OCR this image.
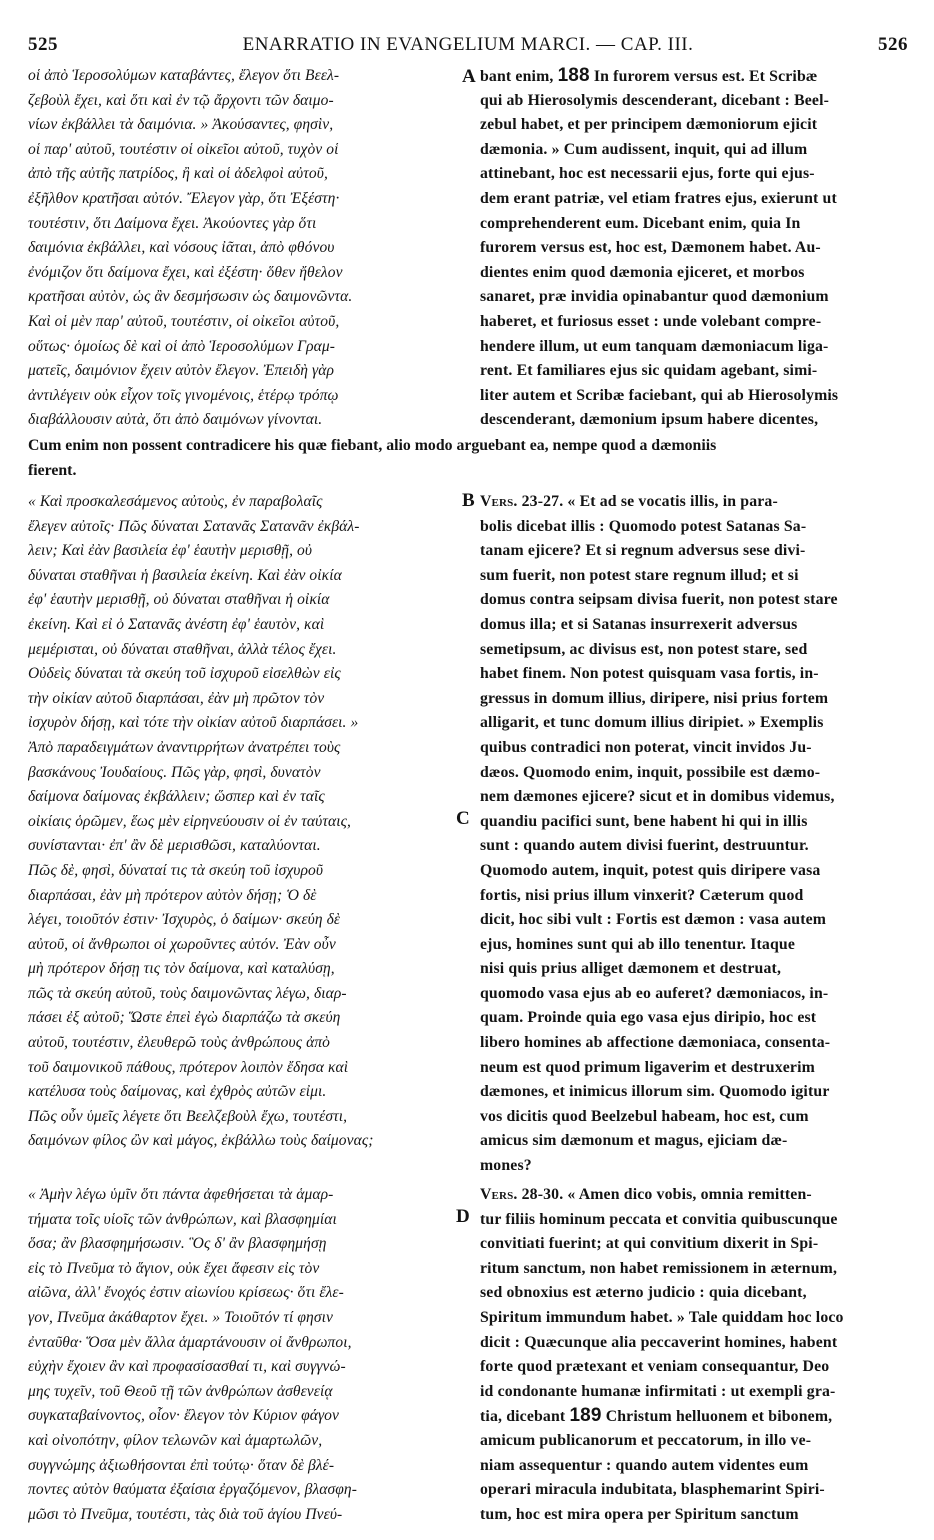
525	ENARRATIO IN EVANGELIUM MARCI. — CAP. III.	526
οἱ ἀπὸ Ἱεροσολύμων καταβάντες, ἔλεγον ὅτι Βεελ-
ζεβοὺλ ἔχει, καὶ ὅτι καὶ ἐν τῷ ἄρχοντι τῶν δαιμο-
νίων ἐκβάλλει τὰ δαιμόνια. » Ἀκούσαντες, φησὶν,
οἱ παρ' αὐτοῦ, τουτέστιν οἱ οἰκεῖοι αὐτοῦ, τυχὸν οἱ
ἀπὸ τῆς αὐτῆς πατρίδος, ἢ καὶ οἱ ἀδελφοὶ αὐτοῦ,
ἐξῆλθον κρατῆσαι αὐτόν. Ἔλεγον γὰρ, ὅτι Ἐξέστη·
τουτέστιν, ὅτι Δαίμονα ἔχει. Ἀκούοντες γὰρ ὅτι
δαιμόνια ἐκβάλλει, καὶ νόσους ἰᾶται, ἀπὸ φθόνου
ἐνόμιζον ὅτι δαίμονα ἔχει, καὶ ἐξέστη· ὅθεν ἤθελον
κρατῆσαι αὐτὸν, ὡς ἂν δεσμήσωσιν ὡς δαιμονῶντα.
Καὶ οἱ μὲν παρ' αὐτοῦ, τουτέστιν, οἱ οἰκεῖοι αὐτοῦ,
οὕτως· ὁμοίως δὲ καὶ οἱ ἀπὸ Ἱεροσολύμων Γραμ-
ματεῖς, δαιμόνιον ἔχειν αὐτὸν ἔλεγον. Ἐπειδὴ γὰρ
ἀντιλέγειν οὐκ εἶχον τοῖς γινομένοις, ἑτέρῳ τρόπῳ
διαβάλλουσιν αὐτὰ, ὅτι ἀπὸ δαιμόνων γίνονται.
bant enim, 188 In furorem versus est. Et Scribæ
qui ab Hierosolymis descenderant, dicebant : Beel-
zebul habet, et per principem dæmoniorum ejicit
dæmonia. » Cum audissent, inquit, qui ad illum
attinebant, hoc est necessarii ejus, forte qui ejus-
dem erant patriæ, vel etiam fratres ejus, exierunt ut
comprehenderent eum. Dicebant enim, quia In
furorem versus est, hoc est, Dæmonem habet. Au-
dientes enim quod dæmonia ejiceret, et morbos
sanaret, præ invidia opinabantur quod dæmonium
haberet, et furiosus esset : unde volebant compre-
hendere illum, ut eum tanquam dæmoniacum liga-
rent. Et familiares ejus sic quidam agebant, simi-
liter autem et Scribæ faciebant, qui ab Hierosolymis
descenderant, dæmonium ipsum habere dicentes,
A
Cum enim non possent contradicere his quæ fiebant, alio modo arguebant ea, nempe quod a dæmoniis
fierent.
« Καὶ προσκαλεσάμενος αὐτοὺς, ἐν παραβολαῖς
ἔλεγεν αὐτοῖς· Πῶς δύναται Σατανᾶς Σατανᾶν ἐκβάλ-
λειν; Καὶ ἐὰν βασιλεία ἐφ' ἑαυτὴν μερισθῇ, οὐ
δύναται σταθῆναι ἡ βασιλεία ἐκείνη. Καὶ ἐὰν οἰκία
ἐφ' ἑαυτὴν μερισθῇ, οὐ δύναται σταθῆναι ἡ οἰκία
ἐκείνη. Καὶ εἰ ὁ Σατανᾶς ἀνέστη ἐφ' ἑαυτὸν, καὶ
μεμέρισται, οὐ δύναται σταθῆναι, ἀλλὰ τέλος ἔχει.
Οὐδεὶς δύναται τὰ σκεύη τοῦ ἰσχυροῦ εἰσελθὼν εἰς
τὴν οἰκίαν αὐτοῦ διαρπάσαι, ἐὰν μὴ πρῶτον τὸν
ἰσχυρὸν δήσῃ, καὶ τότε τὴν οἰκίαν αὐτοῦ διαρπάσει. »
Ἀπὸ παραδειγμάτων ἀναντιρρήτων ἀνατρέπει τοὺς
βασκάνους Ἰουδαίους. Πῶς γὰρ, φησὶ, δυνατὸν
δαίμονα δαίμονας ἐκβάλλειν; ὥσπερ καὶ ἐν ταῖς
οἰκίαις ὁρῶμεν, ἕως μὲν εἰρηνεύουσιν οἱ ἐν ταύταις,
συνίστανται· ἐπ' ἂν δὲ μερισθῶσι, καταλύονται.
Πῶς δὲ, φησὶ, δύναταί τις τὰ σκεύη τοῦ ἰσχυροῦ
διαρπάσαι, ἐὰν μὴ πρότερον αὐτὸν δήσῃ; Ὁ δὲ
λέγει, τοιοῦτόν ἐστιν· Ἰσχυρὸς, ὁ δαίμων· σκεύη δὲ
αὐτοῦ, οἱ ἄνθρωποι οἱ χωροῦντες αὐτόν. Ἐὰν οὖν
μὴ πρότερον δήσῃ τις τὸν δαίμονα, καὶ καταλύσῃ,
πῶς τὰ σκεύη αὐτοῦ, τοὺς δαιμονῶντας λέγω, διαρ-
πάσει ἐξ αὐτοῦ; Ὥστε ἐπεὶ ἐγὼ διαρπάζω τὰ σκεύη
αὐτοῦ, τουτέστιν, ἐλευθερῶ τοὺς ἀνθρώπους ἀπὸ
τοῦ δαιμονικοῦ πάθους, πρότερον λοιπὸν ἔδησα καὶ
κατέλυσα τοὺς δαίμονας, καὶ ἐχθρὸς αὐτῶν εἰμι.
Πῶς οὖν ὑμεῖς λέγετε ὅτι Βεελζεβοὺλ ἔχω, τουτέστι,
δαιμόνων φίλος ὢν καὶ μάγος, ἐκβάλλω τοὺς δαίμονας;
Vers. 23-27. « Et ad se vocatis illis, in para-
bolis dicebat illis : Quomodo potest Satanas Sa-
tanam ejicere? Et si regnum adversus sese divi-
sum fuerit, non potest stare regnum illud; et si
domus contra seipsam divisa fuerit, non potest stare
domus illa; et si Satanas insurrexerit adversus
semetipsum, ac divisus est, non potest stare, sed
habet finem. Non potest quisquam vasa fortis, in-
gressus in domum illius, diripere, nisi prius fortem
alligarit, et tunc domum illius diripiet. » Exemplis
quibus contradici non poterat, vincit invidos Ju-
dæos. Quomodo enim, inquit, possibile est dæmo-
nem dæmones ejicere? sicut et in domibus videmus,
quandiu pacifici sunt, bene habent hi qui in illis
sunt : quando autem divisi fuerint, destruuntur.
Quomodo autem, inquit, potest quis diripere vasa
fortis, nisi prius illum vinxerit? Cæterum quod
dicit, hoc sibi vult : Fortis est dæmon : vasa autem
ejus, homines sunt qui ab illo tenentur. Itaque
nisi quis prius alliget dæmonem et destruat,
quomodo vasa ejus ab eo auferet? dæmoniacos, in-
quam. Proinde quia ego vasa ejus diripio, hoc est
libero homines ab affectione dæmoniaca, consenta-
neum est quod primum ligaverim et destruxerim
dæmones, et inimicus illorum sim. Quomodo igitur
vos dicitis quod Beelzebul habeam, hoc est, cum
amicus sim dæmonum et magus, ejiciam dæ-
mones?
B
C
« Ἀμὴν λέγω ὑμῖν ὅτι πάντα ἀφεθήσεται τὰ ἁμαρ-
τήματα τοῖς υἱοῖς τῶν ἀνθρώπων, καὶ βλασφημίαι
ὅσα; ἂν βλασφημήσωσιν. Ὃς δ' ἂν βλασφημήσῃ
εἰς τὸ Πνεῦμα τὸ ἅγιον, οὐκ ἔχει ἄφεσιν εἰς τὸν
αἰῶνα, ἀλλ' ἔνοχός ἐστιν αἰωνίου κρίσεως· ὅτι ἔλε-
γον, Πνεῦμα ἀκάθαρτον ἔχει. » Τοιοῦτόν τί φησιν
ἐνταῦθα· Ὅσα μὲν ἄλλα ἁμαρτάνουσιν οἱ ἄνθρωποι,
εὐχὴν ἔχοιεν ἂν καὶ προφασίσασθαί τι, καὶ συγγνώ-
μης τυχεῖν, τοῦ Θεοῦ τῇ τῶν ἀνθρώπων ἀσθενείᾳ
συγκαταβαίνοντος, οἷον· ἔλεγον τὸν Κύριον φάγον
καὶ οἰνοπότην, φίλον τελωνῶν καὶ ἁμαρτωλῶν,
συγγνώμης ἀξιωθήσονται ἐπὶ τούτῳ· ὅταν δὲ βλέ-
ποντες αὐτὸν θαύματα ἐξαίσια ἐργαζόμενον, βλασφη-
μῶσι τὸ Πνεῦμα, τουτέστι, τὰς διὰ τοῦ ἁγίου Πνεύ-
Vers. 28-30. « Amen dico vobis, omnia remitten-
tur filiis hominum peccata et convitia quibuscunque
convitiati fuerint; at qui convitium dixerit in Spi-
ritum sanctum, non habet remissionem in æternum,
sed obnoxius est æterno judicio : quia dicebant,
Spiritum immundum habet. » Tale quiddam hoc loco
dicit : Quæcunque alia peccaverint homines, habent
forte quod prætexant et veniam consequantur, Deo
id condonante humanæ infirmitati : ut exempli gra-
tia, dicebant 189 Christum helluonem et bibonem,
amicum publicanorum et peccatorum, in illo ve-
niam assequentur : quando autem videntes eum
operari miracula indubitata, blasphemarint Spiri-
tum, hoc est mira opera per Spiritum sanctum
D
